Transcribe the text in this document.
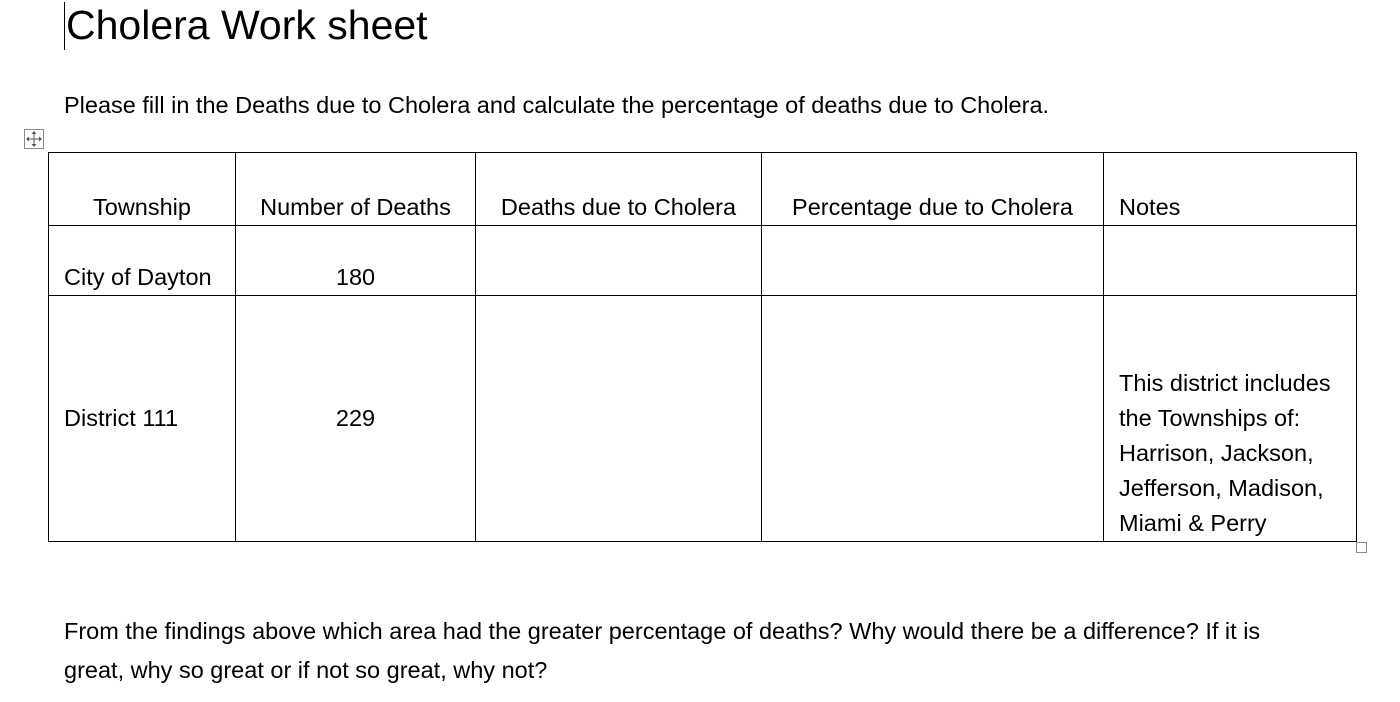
Cholera Work sheet
Please fill in the Deaths due to Cholera and calculate the percentage of deaths due to Cholera.
Township	Number of Deaths	Deaths due to Cholera	Percentage due to Cholera	Notes
City of Dayton	180			
District 111	229			This district includes the Townships of: Harrison, Jackson, Jefferson, Madison, Miami & Perry
From the findings above which area had the greater percentage of deaths? Why would there be a difference? If it is great, why so great or if not so great, why not?
